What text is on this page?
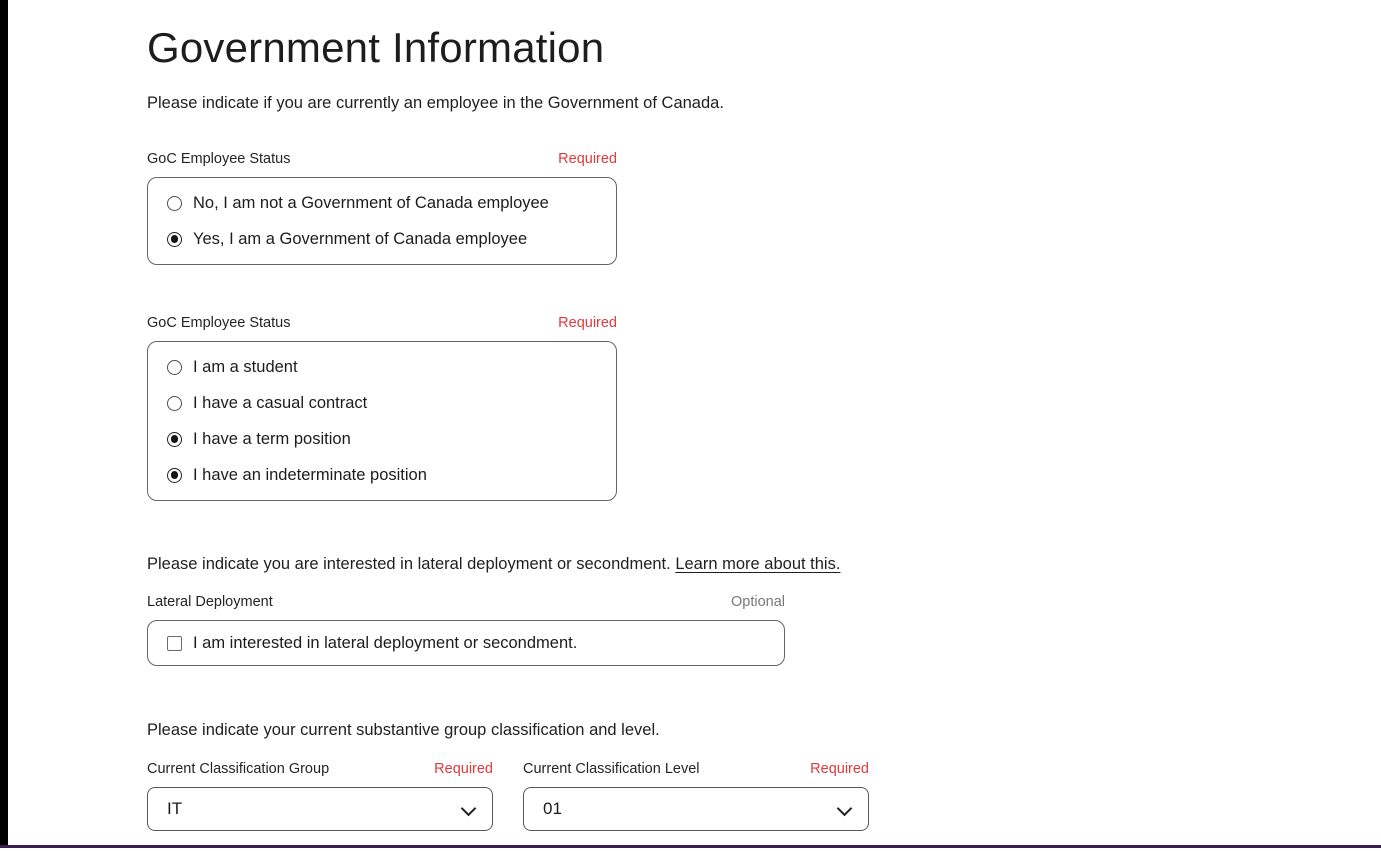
Government Information

Please indicate if you are currently an employee in the Government of Canada.

GoC Employee Status	Required
No, I am not a Government of Canada employee
Yes, I am a Government of Canada employee
GoC Employee Status	Required
I am a student
I have a casual contract
I have a term position
I have an indeterminate position

Please indicate you are interested in lateral deployment or secondment. Learn more about this.

Lateral Deployment	Optional
I am interested in lateral deployment or secondment.

Please indicate your current substantive group classification and level.

Current Classification Group	Required
IT
Current Classification Level	Required
01
